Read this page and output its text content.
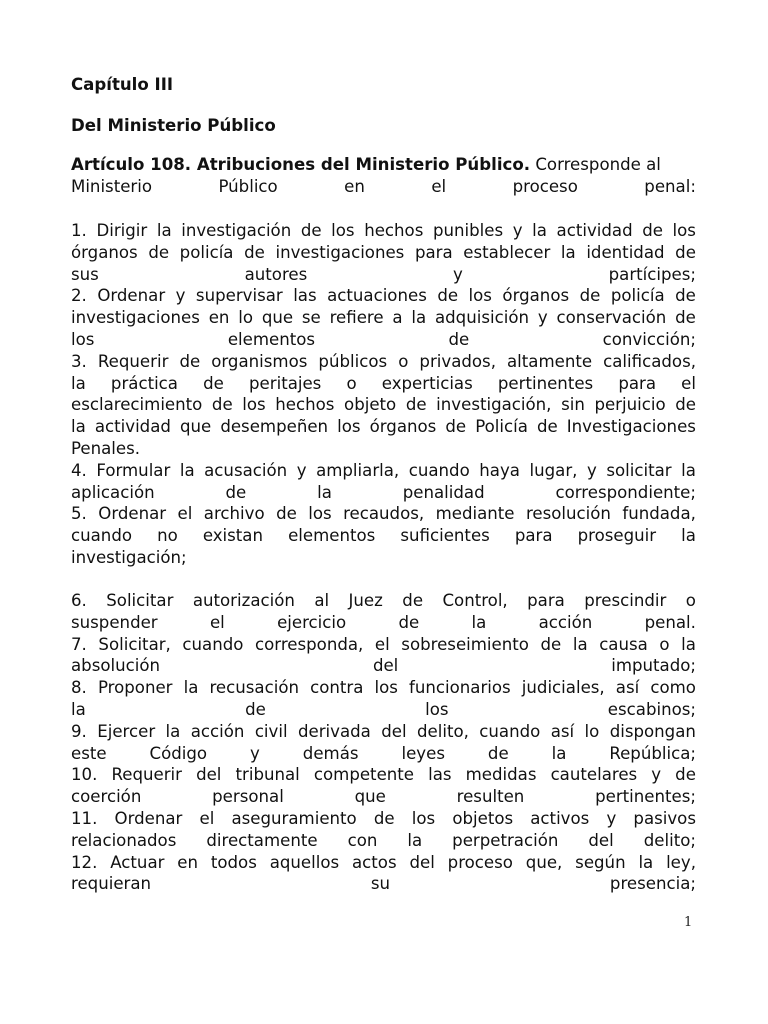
Capítulo III
Del Ministerio Público
Artículo 108. Atribuciones del Ministerio Público. Corresponde al
Ministerio	Público	en	el	proceso	penal:
1. Dirigir la investigación de los hechos punibles y la actividad de los
órganos de policía de investigaciones para establecer la identidad de
sus	autores	y	partícipes;
2. Ordenar y supervisar las actuaciones de los órganos de policía de
investigaciones en lo que se refiere a la adquisición y conservación de
los	elementos	de	convicción;
3. Requerir de organismos públicos o privados, altamente calificados,
la práctica de peritajes o experticias pertinentes para el
esclarecimiento de los hechos objeto de investigación, sin perjuicio de
la actividad que desempeñen los órganos de Policía de Investigaciones
Penales.
4. Formular la acusación y ampliarla, cuando haya lugar, y solicitar la
aplicación	de	la	penalidad	correspondiente;
5. Ordenar el archivo de los recaudos, mediante resolución fundada,
cuando no existan elementos suficientes para proseguir la
investigación;
6. Solicitar autorización al Juez de Control, para prescindir o
suspender	el	ejercicio	de	la	acción	penal.
7. Solicitar, cuando corresponda, el sobreseimiento de la causa o la
absolución	del	imputado;
8. Proponer la recusación contra los funcionarios judiciales, así como
la	de	los	escabinos;
9. Ejercer la acción civil derivada del delito, cuando así lo dispongan
este	Código	y	demás	leyes	de	la	República;
10. Requerir del tribunal competente las medidas cautelares y de
coerción	personal	que	resulten	pertinentes;
11. Ordenar el aseguramiento de los objetos activos y pasivos
relacionados directamente con la perpetración del delito;
12. Actuar en todos aquellos actos del proceso que, según la ley,
requieran	su	presencia;
1
